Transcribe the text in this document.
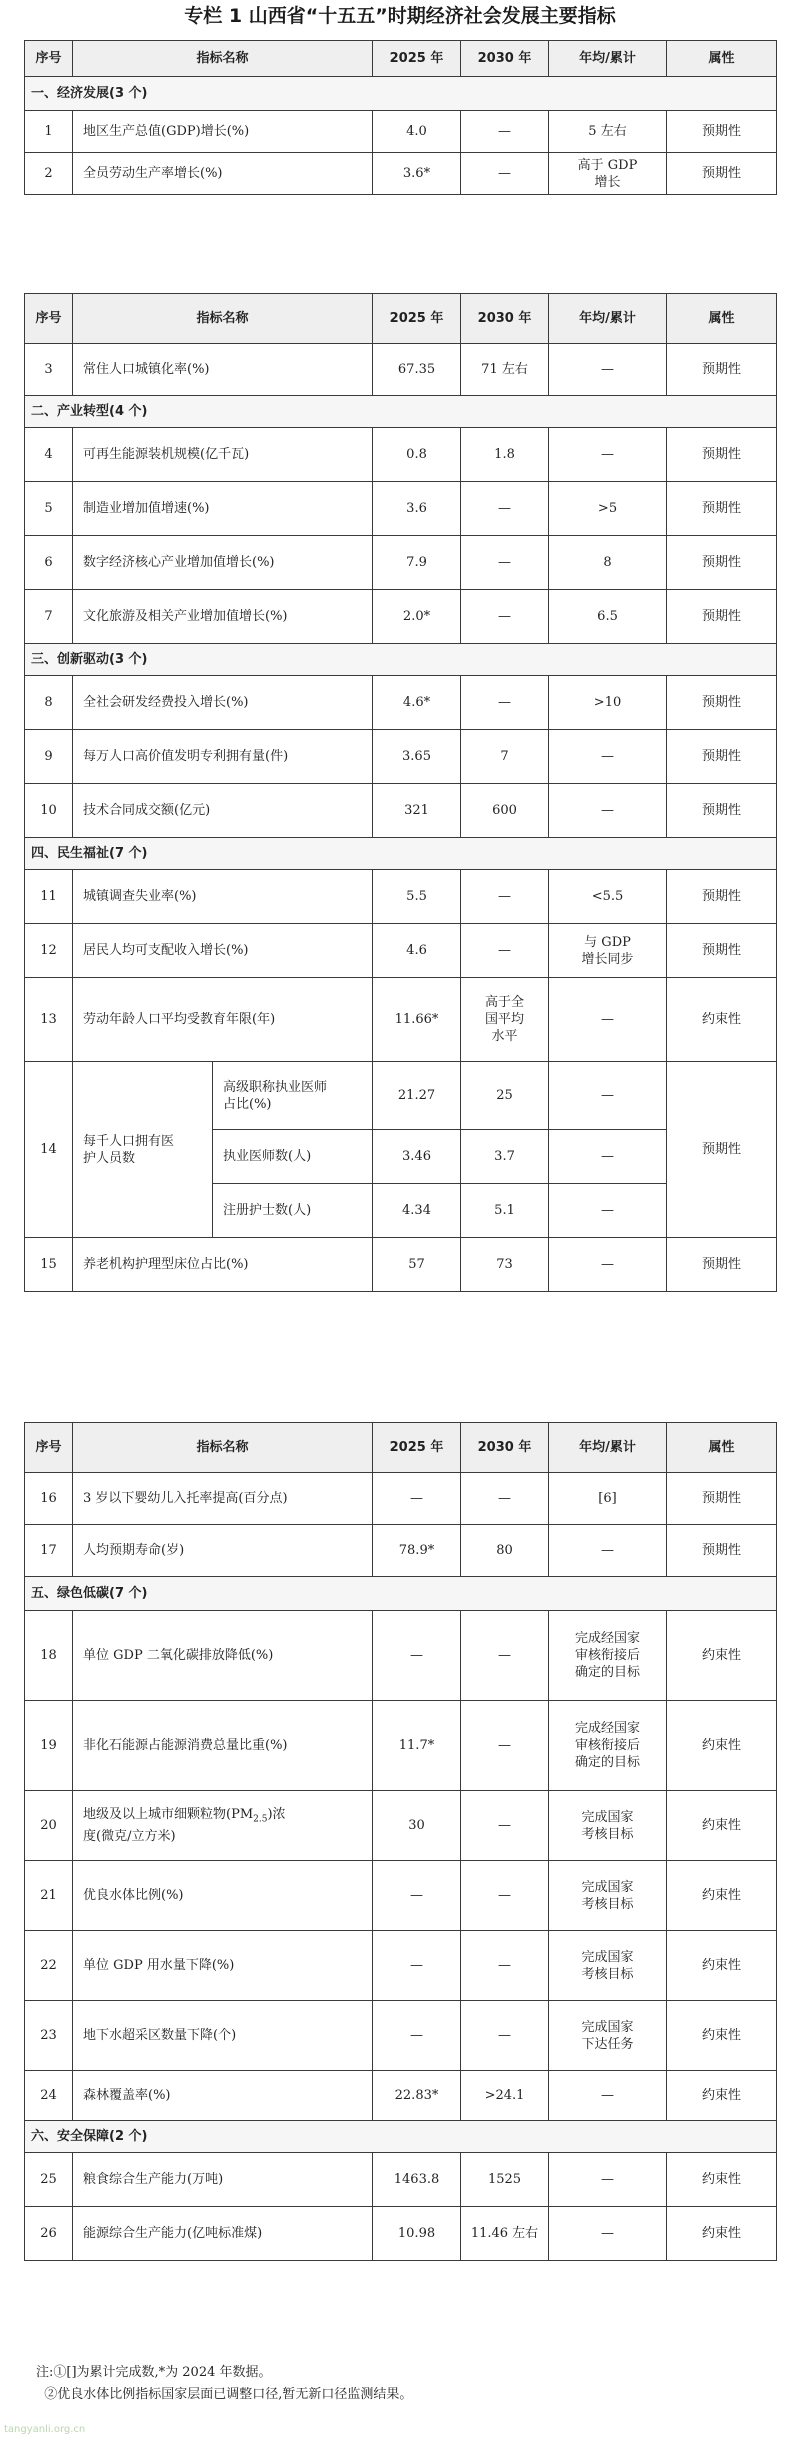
专栏 1 山西省“十五五”时期经济社会发展主要指标
序号	指标名称	2025 年	2030 年	年均/累计	属性
一、经济发展(3 个)					
1	地区生产总值(GDP)增长(%)	4.0	—	5 左右	预期性
2	全员劳动生产率增长(%)	3.6*	—	高于 GDP
增长	预期性
序号	指标名称		2025 年	2030 年	年均/累计	属性
3	常住人口城镇化率(%)		67.35	71 左右	—	预期性
二、产业转型(4 个)						
4	可再生能源装机规模(亿千瓦)		0.8	1.8	—	预期性
5	制造业增加值增速(%)		3.6	—	>5	预期性
6	数字经济核心产业增加值增长(%)		7.9	—	8	预期性
7	文化旅游及相关产业增加值增长(%)		2.0*	—	6.5	预期性
三、创新驱动(3 个)						
8	全社会研发经费投入增长(%)		4.6*	—	>10	预期性
9	每万人口高价值发明专利拥有量(件)		3.65	7	—	预期性
10	技术合同成交额(亿元)		321	600	—	预期性
四、民生福祉(7 个)						
11	城镇调查失业率(%)		5.5	—	<5.5	预期性
12	居民人均可支配收入增长(%)		4.6	—	与 GDP
增长同步	预期性
13	劳动年龄人口平均受教育年限(年)		11.66*	高于全
国平均
水平	—	约束性
14	每千人口拥有医
护人员数	高级职称执业医师
占比(%)	21.27	25	—	预期性
		执业医师数(人)	3.46	3.7	—	
		注册护士数(人)	4.34	5.1	—	
15	养老机构护理型床位占比(%)		57	73	—	预期性
序号	指标名称	2025 年	2030 年	年均/累计	属性
16	3 岁以下婴幼儿入托率提高(百分点)	—	—	[6]	预期性
17	人均预期寿命(岁)	78.9*	80	—	预期性
五、绿色低碳(7 个)					
18	单位 GDP 二氧化碳排放降低(%)	—	—	完成经国家
审核衔接后
确定的目标	约束性
19	非化石能源占能源消费总量比重(%)	11.7*	—	完成经国家
审核衔接后
确定的目标	约束性
20	地级及以上城市细颗粒物$(PM_{2.5})$浓
度(微克/立方米)	30	—	完成国家
考核目标	约束性
21	优良水体比例(%)	—	—	完成国家
考核目标	约束性
22	单位 GDP 用水量下降(%)	—	—	完成国家
考核目标	约束性
23	地下水超采区数量下降(个)	—	—	完成国家
下达任务	约束性
24	森林覆盖率(%)	22.83*	>24.1	—	约束性
六、安全保障(2 个)					
25	粮食综合生产能力(万吨)	1463.8	1525	—	约束性
26	能源综合生产能力(亿吨标准煤)	10.98	11.46 左右	—	约束性
注:①[]为累计完成数,*为 2024 年数据。
②优良水体比例指标国家层面已调整口径,暂无新口径监测结果。
tangyanli.org.cn
